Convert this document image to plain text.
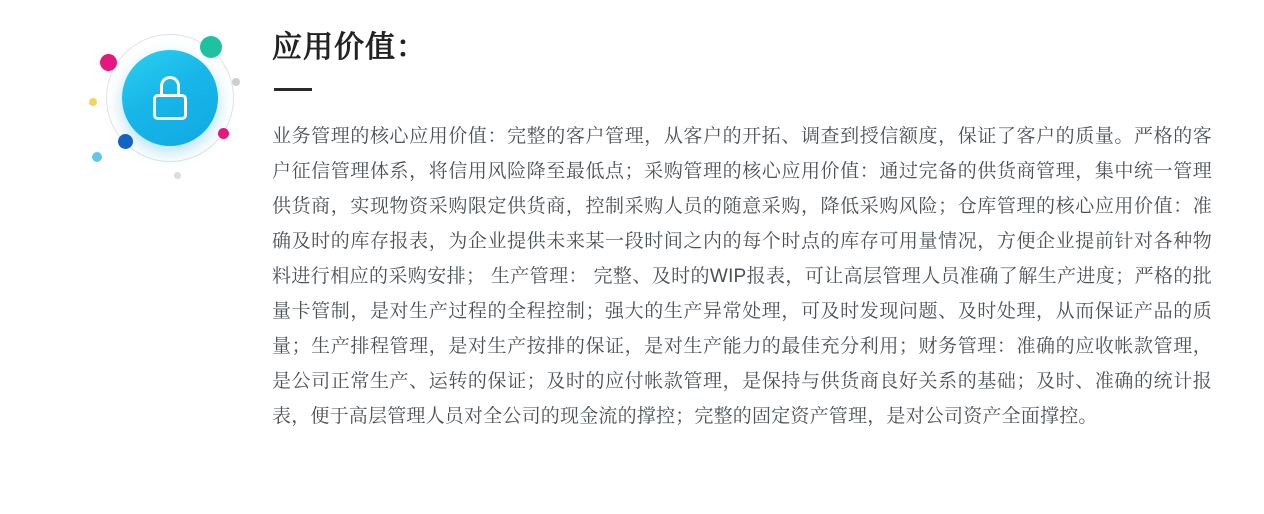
应用价值：

业务管理的核心应用价值：完整的客户管理，从客户的开拓、调查到授信额度，保证了客户的质量。严格的客户征信管理体系，将信用风险降至最低点；采购管理的核心应用价值：通过完备的供货商管理，集中统一管理供货商，实现物资采购限定供货商，控制采购人员的随意采购，降低采购风险；仓库管理的核心应用价值：准确及时的库存报表，为企业提供未来某一段时间之内的每个时点的库存可用量情况，方便企业提前针对各种物料进行相应的采购安排； 生产管理： 完整、及时的WIP报表，可让高层管理人员准确了解生产进度；严格的批量卡管制，是对生产过程的全程控制；强大的生产异常处理，可及时发现问题、及时处理，从而保证产品的质量；生产排程管理，是对生产按排的保证，是对生产能力的最佳充分利用；财务管理：准确的应收帐款管理，是公司正常生产、运转的保证；及时的应付帐款管理，是保持与供货商良好关系的基础；及时、准确的统计报表，便于高层管理人员对全公司的现金流的撑控；完整的固定资产管理，是对公司资产全面撑控。
